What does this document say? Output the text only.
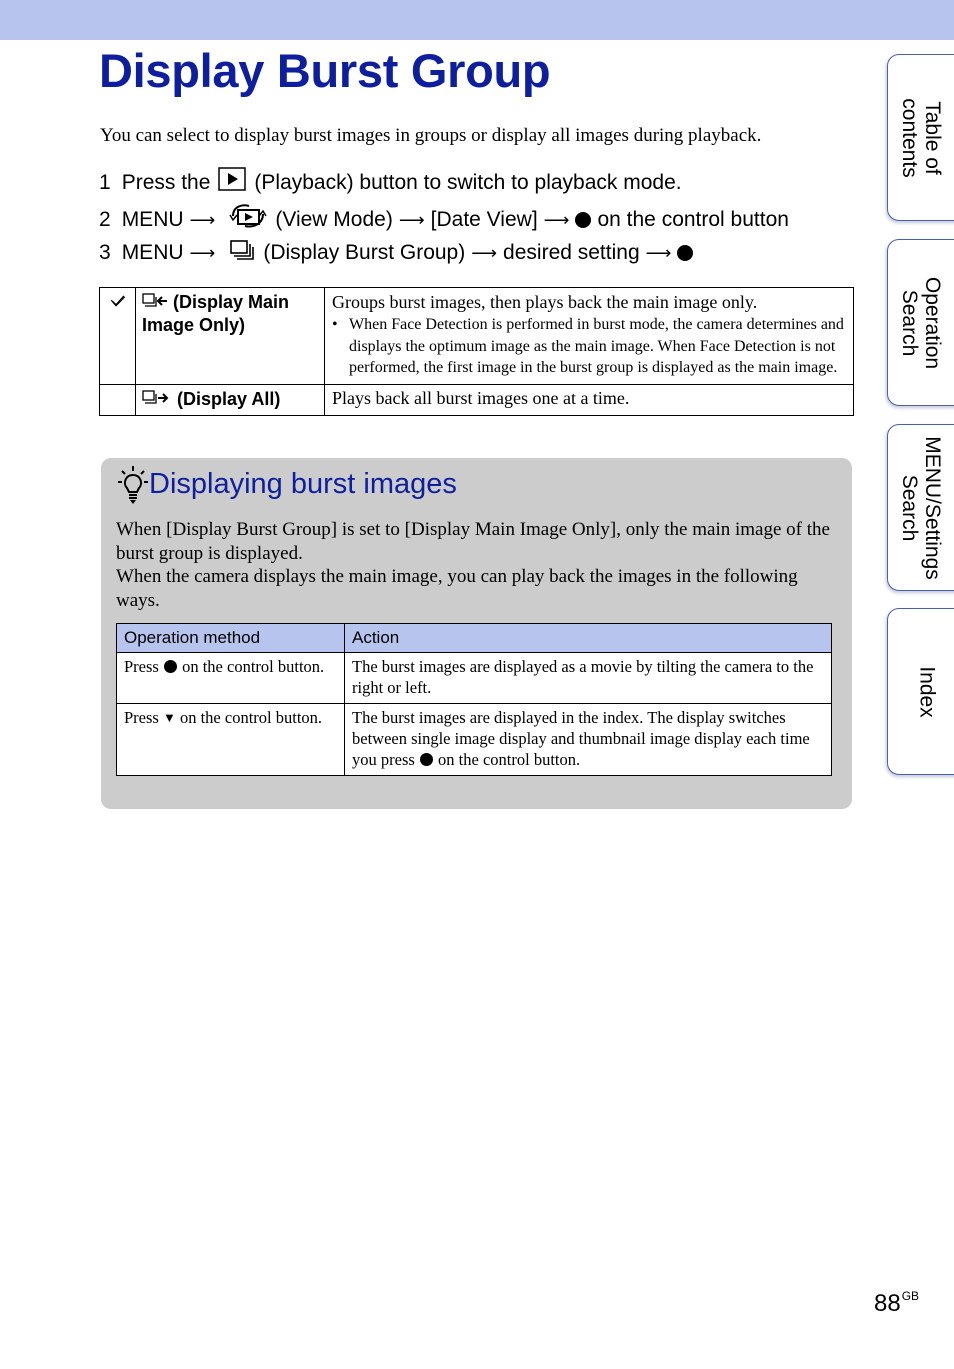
Display Burst Group
You can select to display burst images in groups or display all images during playback.
1 Press the (Playback) button to switch to playback mode.
2 MENU ⟶	(View Mode) ⟶ [Date View] ⟶ on the control button
3 MENU ⟶ (Display Burst Group) ⟶ desired setting ⟶
	(Display Main Image Only)	Groups burst images, then plays back the main image only.
• When Face Detection is performed in burst mode, the camera determines and displays the optimum image as the main image. When Face Detection is not performed, the first image in the burst group is displayed as the main image.

	(Display All)	Plays back all burst images one at a time.
Displaying burst images
When [Display Burst Group] is set to [Display Main Image Only], only the main image of the burst group is displayed.
When the camera displays the main image, you can play back the images in the following ways.
Operation method	Action
Press on the control button.	The burst images are displayed as a movie by tilting the camera to the right or left.
Press ▼ on the control button.	The burst images are displayed in the index. The display switches between single image display and thumbnail image display each time you press on the control button.
Table of
contents
Operation
Search
MENU/Settings
Search
Index
$88^{GB}$
